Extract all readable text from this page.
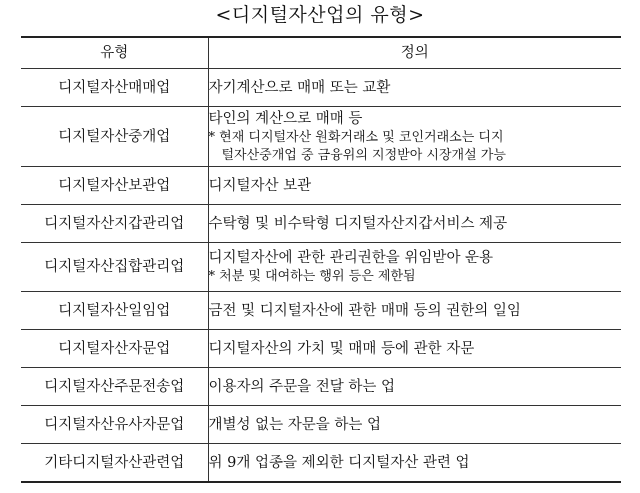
<디지털자산업의 유형>
유형	정의
디지털자산매매업	자기계산으로 매매 또는 교환

디지털자산중개업	타인의 계산으로 매매 등
* 현재 디지털자산 원화거래소 및 코인거래소는 디지
털자산중개업 중 금융위의 지정받아 시장개설 가능

디지털자산보관업	디지털자산 보관

디지털자산지갑관리업	수탁형 및 비수탁형 디지털자산지갑서비스 제공

디지털자산집합관리업	디지털자산에 관한 관리권한을 위임받아 운용
* 처분 및 대여하는 행위 등은 제한됨

디지털자산일임업	금전 및 디지털자산에 관한 매매 등의 권한의 일임

디지털자산자문업	디지털자산의 가치 및 매매 등에 관한 자문

디지털자산주문전송업	이용자의 주문을 전달 하는 업

디지털자산유사자문업	개별성 없는 자문을 하는 업

기타디지털자산관련업	위 9개 업종을 제외한 디지털자산 관련 업
